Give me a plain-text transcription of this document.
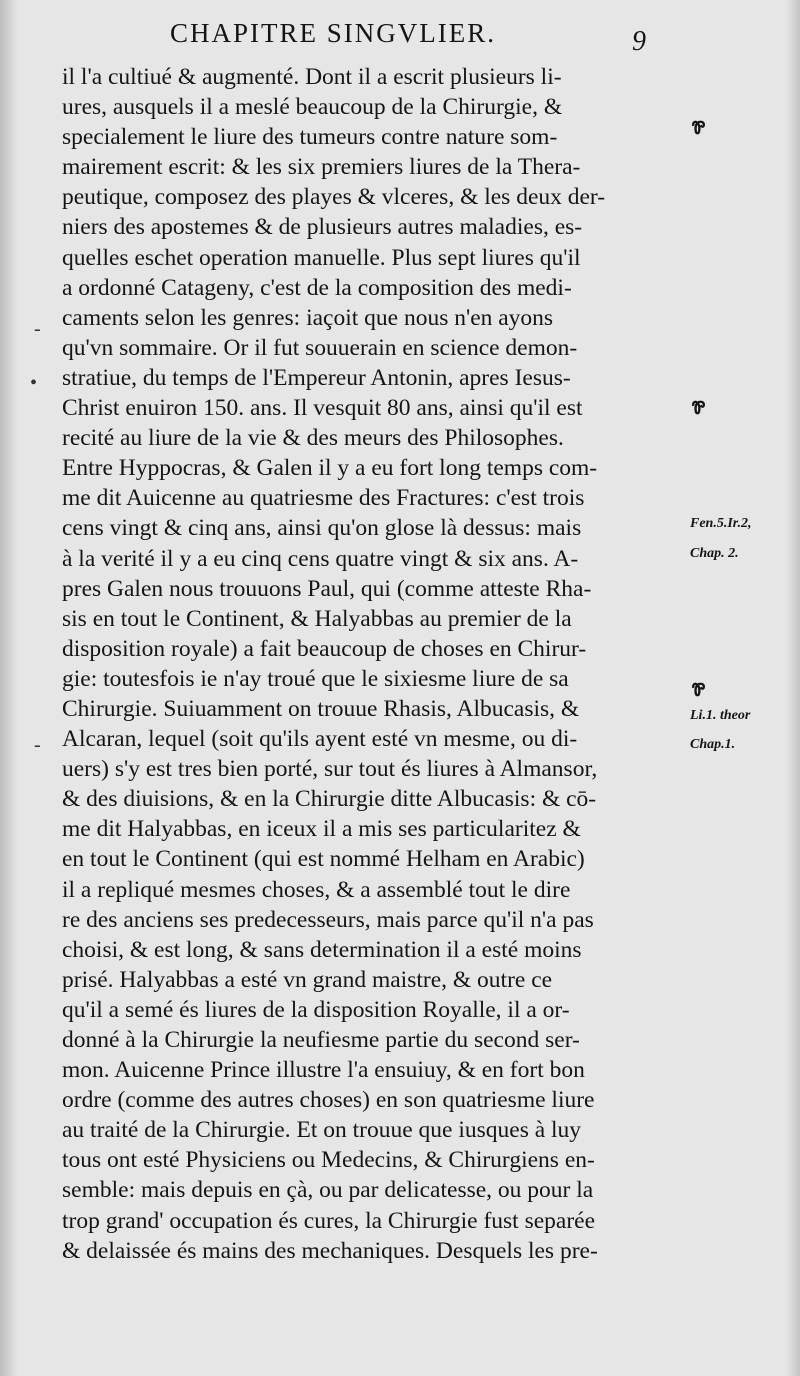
CHAPITRE SINGVLIER.	9
il l'a cultiué & augmenté. Dont il a escrit plusieurs li-
ures, ausquels il a meslé beaucoup de la Chirurgie, &
specialement le liure des tumeurs contre nature som-
mairement escrit: & les six premiers liures de la Thera-
peutique, composez des playes & vlceres, & les deux der-
niers des apostemes & de plusieurs autres maladies, es-
quelles eschet operation manuelle. Plus sept liures qu'il
a ordonné Catageny, c'est de la composition des medi-
caments selon les genres: iaçoit que nous n'en ayons
qu'vn sommaire. Or il fut souuerain en science demon-
stratiue, du temps de l'Empereur Antonin, apres Iesus-
Christ enuiron 150. ans. Il vesquit 80 ans, ainsi qu'il est
recité au liure de la vie & des meurs des Philosophes.
Entre Hyppocras, & Galen il y a eu fort long temps com-
me dit Auicenne au quatriesme des Fractures: c'est trois
cens vingt & cinq ans, ainsi qu'on glose là dessus: mais
à la verité il y a eu cinq cens quatre vingt & six ans. A-
pres Galen nous trouuons Paul, qui (comme atteste Rha-
sis en tout le Continent, & Halyabbas au premier de la
disposition royale) a fait beaucoup de choses en Chirur-
gie: toutesfois ie n'ay troué que le sixiesme liure de sa
Chirurgie. Suiuamment on trouue Rhasis, Albucasis, &
Alcaran, lequel (soit qu'ils ayent esté vn mesme, ou di-
uers) s'y est tres bien porté, sur tout és liures à Almansor,
& des diuisions, & en la Chirurgie ditte Albucasis: & cō-
me dit Halyabbas, en iceux il a mis ses particularitez &
en tout le Continent (qui est nommé Helham en Arabic)
il a repliqué mesmes choses, & a assemblé tout le dire
re des anciens ses predecesseurs, mais parce qu'il n'a pas
choisi, & est long, & sans determination il a esté moins
prisé. Halyabbas a esté vn grand maistre, & outre ce
qu'il a semé és liures de la disposition Royalle, il a or-
donné à la Chirurgie la neufiesme partie du second ser-
mon. Auicenne Prince illustre l'a ensuiuy, & en fort bon
ordre (comme des autres choses) en son quatriesme liure
au traité de la Chirurgie. Et on trouue que iusques à luy
tous ont esté Physiciens ou Medecins, & Chirurgiens en-
semble: mais depuis en çà, ou par delicatesse, ou pour la
trop grand' occupation és cures, la Chirurgie fust separée
& delaissée és mains des mechaniques. Desquels les pre-
Ꮘ
Ꮘ
Ꮘ
Fen.5.Ir.2,
Chap. 2.
Li.1. theor
Chap.1.
-
•
-
